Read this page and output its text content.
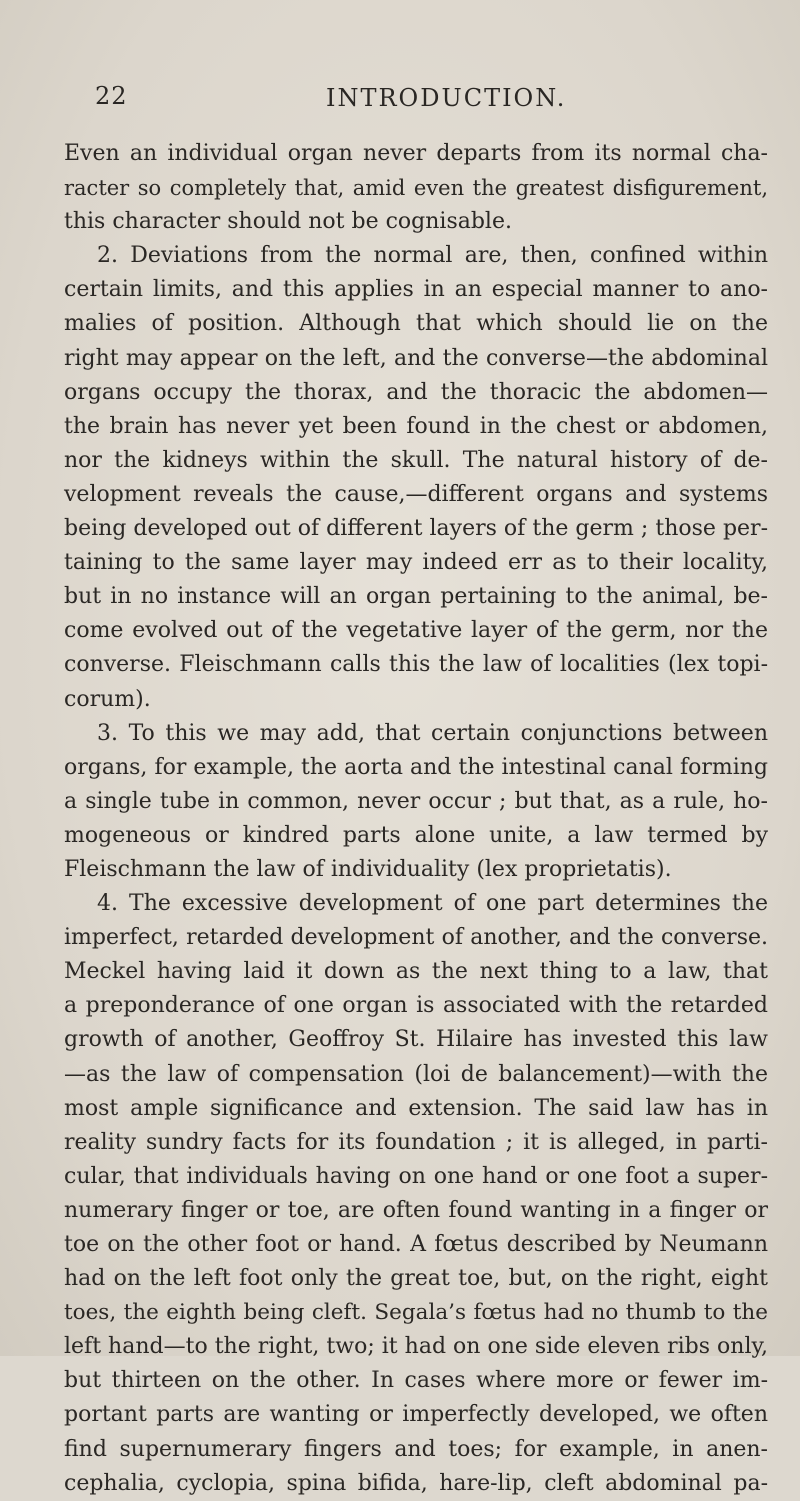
22	INTRODUCTION.
Even an individual organ never departs from its normal cha-
racter so completely that, amid even the greatest disfigurement,
this character should not be cognisable.
2. Deviations from the normal are, then, confined within
certain limits, and this applies in an especial manner to ano-
malies of position. Although that which should lie on the
right may appear on the left, and the converse—the abdominal
organs occupy the thorax, and the thoracic the abdomen—
the brain has never yet been found in the chest or abdomen,
nor the kidneys within the skull. The natural history of de-
velopment reveals the cause,—different organs and systems
being developed out of different layers of the germ ; those per-
taining to the same layer may indeed err as to their locality,
but in no instance will an organ pertaining to the animal, be-
come evolved out of the vegetative layer of the germ, nor the
converse. Fleischmann calls this the law of localities (lex topi-
corum).
3. To this we may add, that certain conjunctions between
organs, for example, the aorta and the intestinal canal forming
a single tube in common, never occur ; but that, as a rule, ho-
mogeneous or kindred parts alone unite, a law termed by
Fleischmann the law of individuality (lex proprietatis).
4. The excessive development of one part determines the
imperfect, retarded development of another, and the converse.
Meckel having laid it down as the next thing to a law, that
a preponderance of one organ is associated with the retarded
growth of another, Geoffroy St. Hilaire has invested this law
—as the law of compensation (loi de balancement)—with the
most ample significance and extension. The said law has in
reality sundry facts for its foundation ; it is alleged, in parti-
cular, that individuals having on one hand or one foot a super-
numerary finger or toe, are often found wanting in a finger or
toe on the other foot or hand. A fœtus described by Neumann
had on the left foot only the great toe, but, on the right, eight
toes, the eighth being cleft. Segala’s fœtus had no thumb to the
left hand—to the right, two; it had on one side eleven ribs only,
but thirteen on the other. In cases where more or fewer im-
portant parts are wanting or imperfectly developed, we often
find supernumerary fingers and toes; for example, in anen-
cephalia, cyclopia, spina bifida, hare-lip, cleft abdominal pa-
